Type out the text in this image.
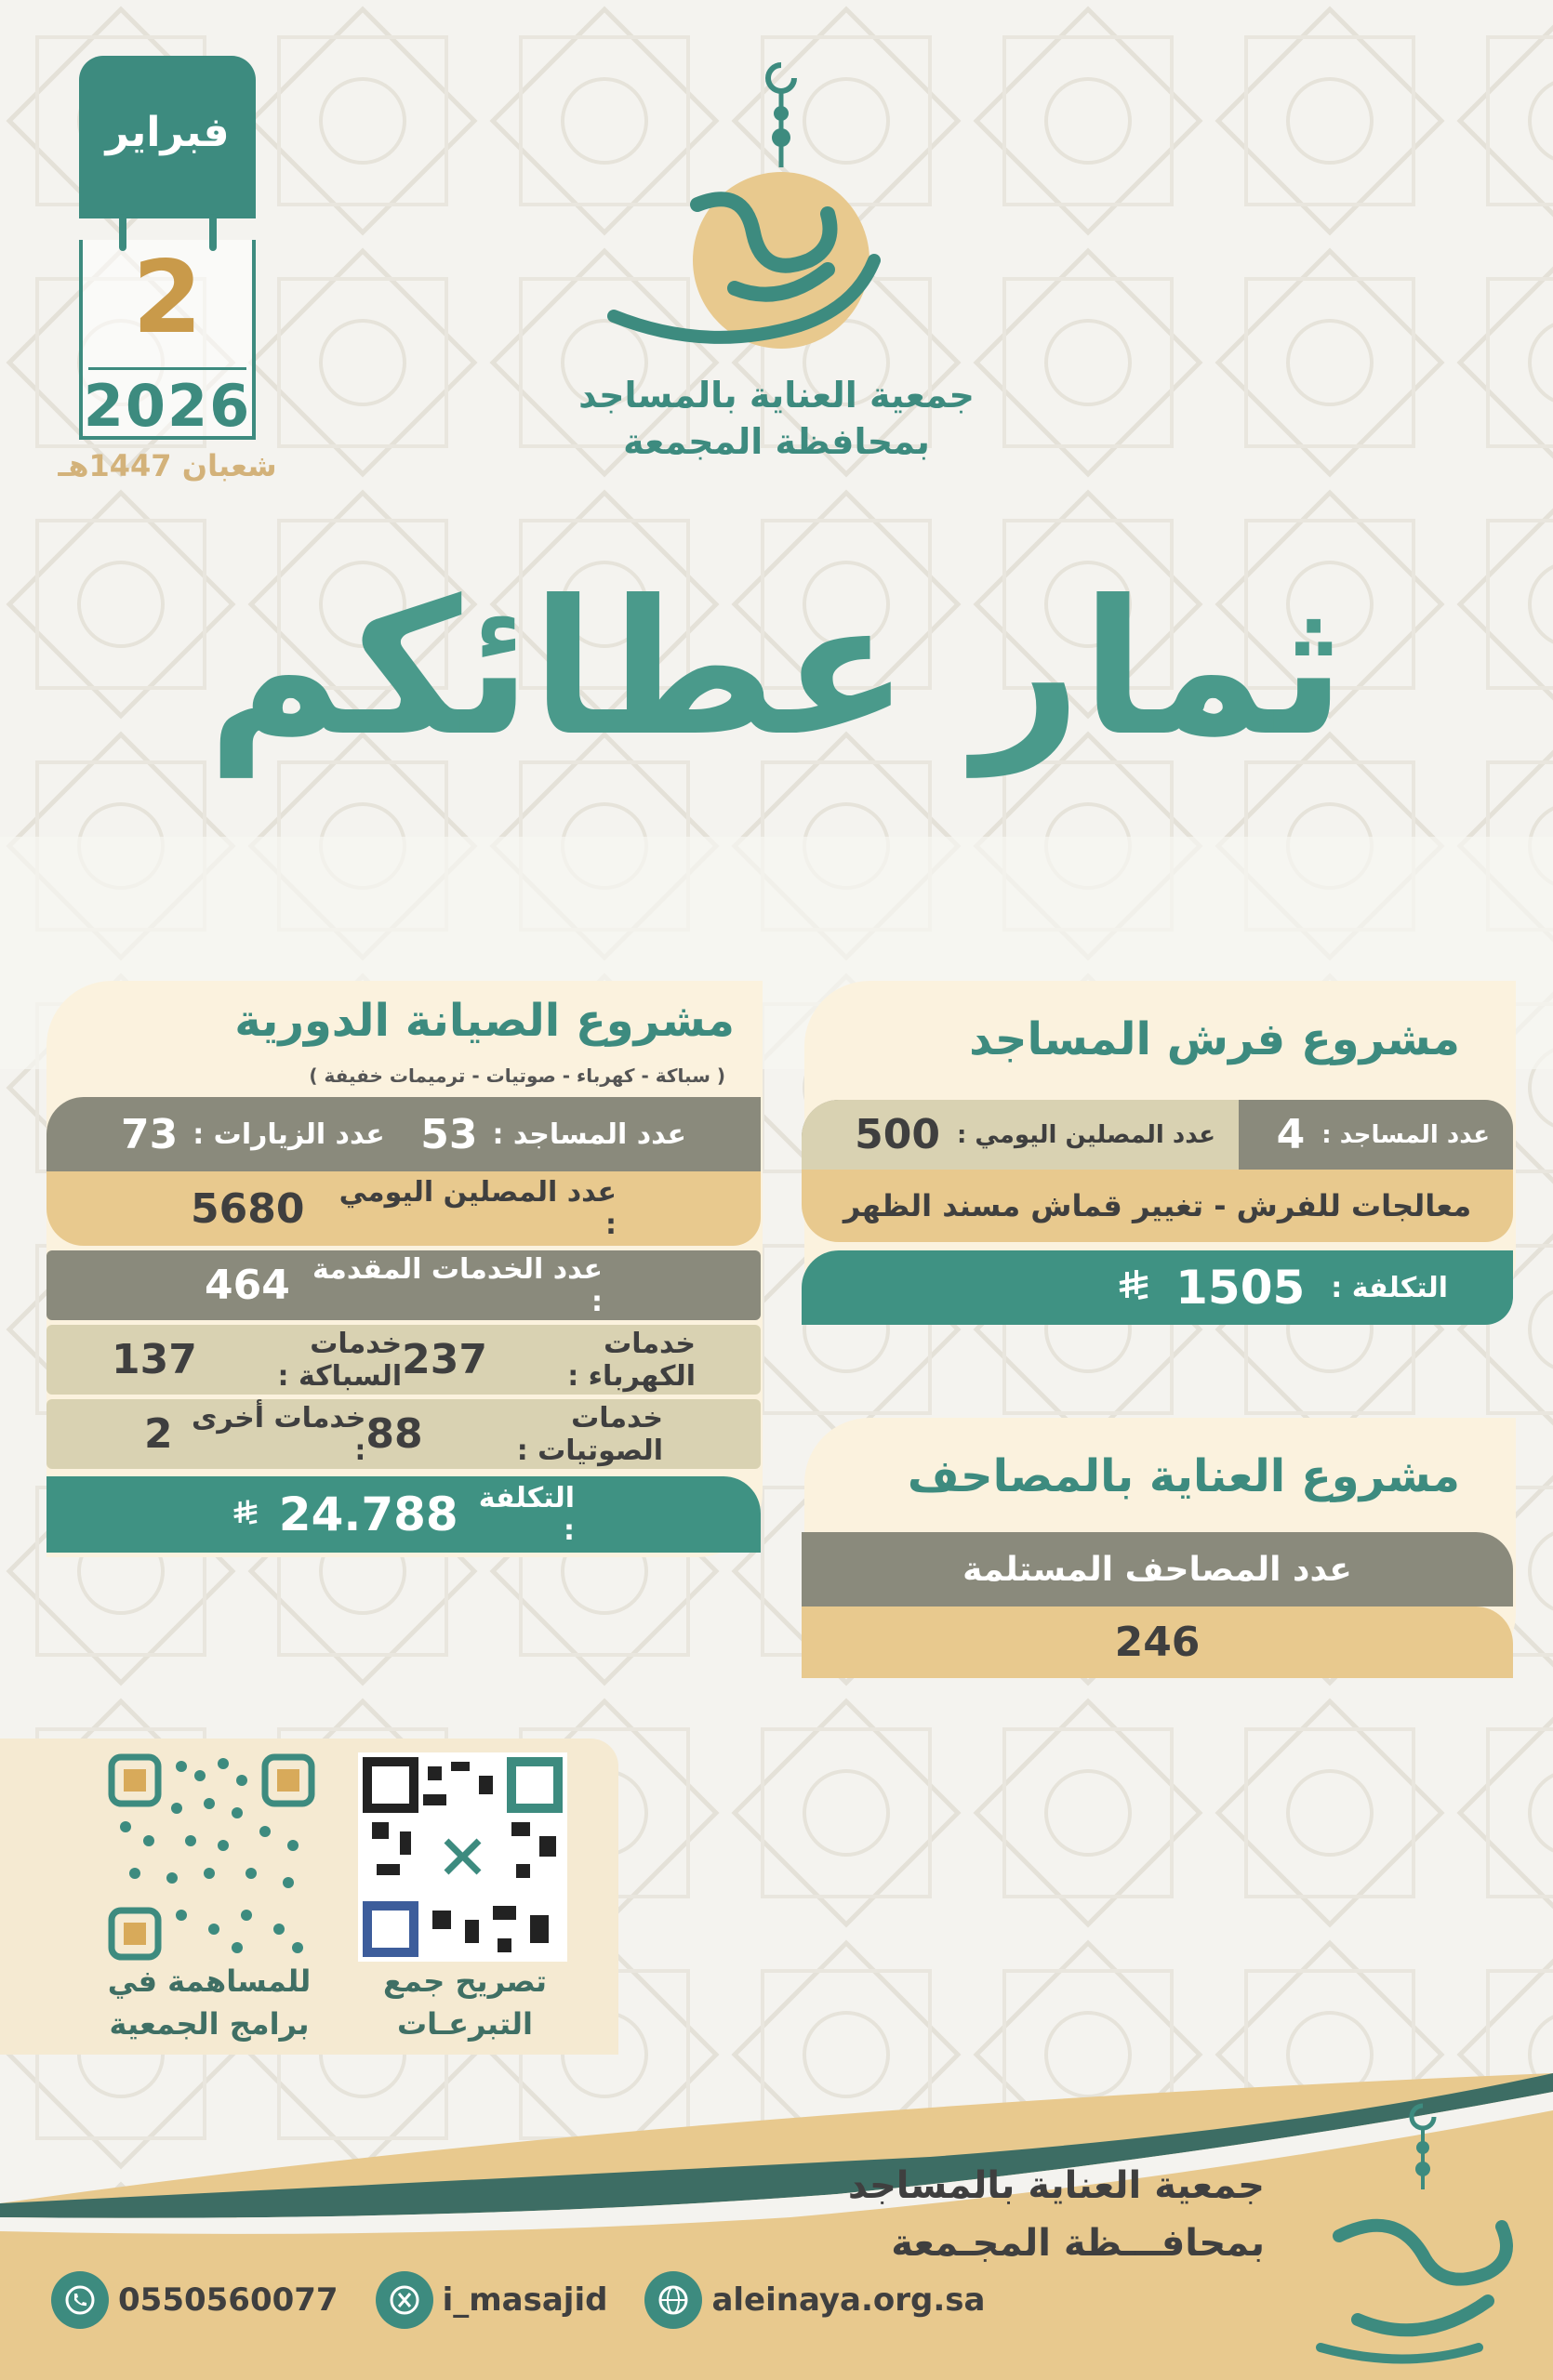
فبراير
2
2026
شعبان 1447هـ
جمعية العناية بالمساجد
بمحافظة المجمعة
ثمار عطائكم
مشروع فرش المساجد
عدد المساجد :
4
عدد المصلين اليومي :
500
معالجات للفرش - تغيير قماش مسند الظهر
التكلفة :
1505
مشروع العناية بالمصاحف
عدد المصاحف المستلمة
246
مشروع الصيانة الدورية
( سباكة - كهرباء - صوتيات - ترميمات خفيفة )
عدد المساجد :
53
عدد الزيارات :
73
عدد المصلين اليومي :
5680
عدد الخدمات المقدمة :
464
خدمات الكهرباء :
237
خدمات السباكة :
137
خدمات الصوتيات :
88
خدمات أخرى :
2
التكلفة :
24.788
تصريح جمع
التبرعـات
للمساهمة في
برامج الجمعية
جمعية العناية بالمساجد
بمحافـــظة المجـمعة
0550560077	i_masajid	aleinaya.org.sa
